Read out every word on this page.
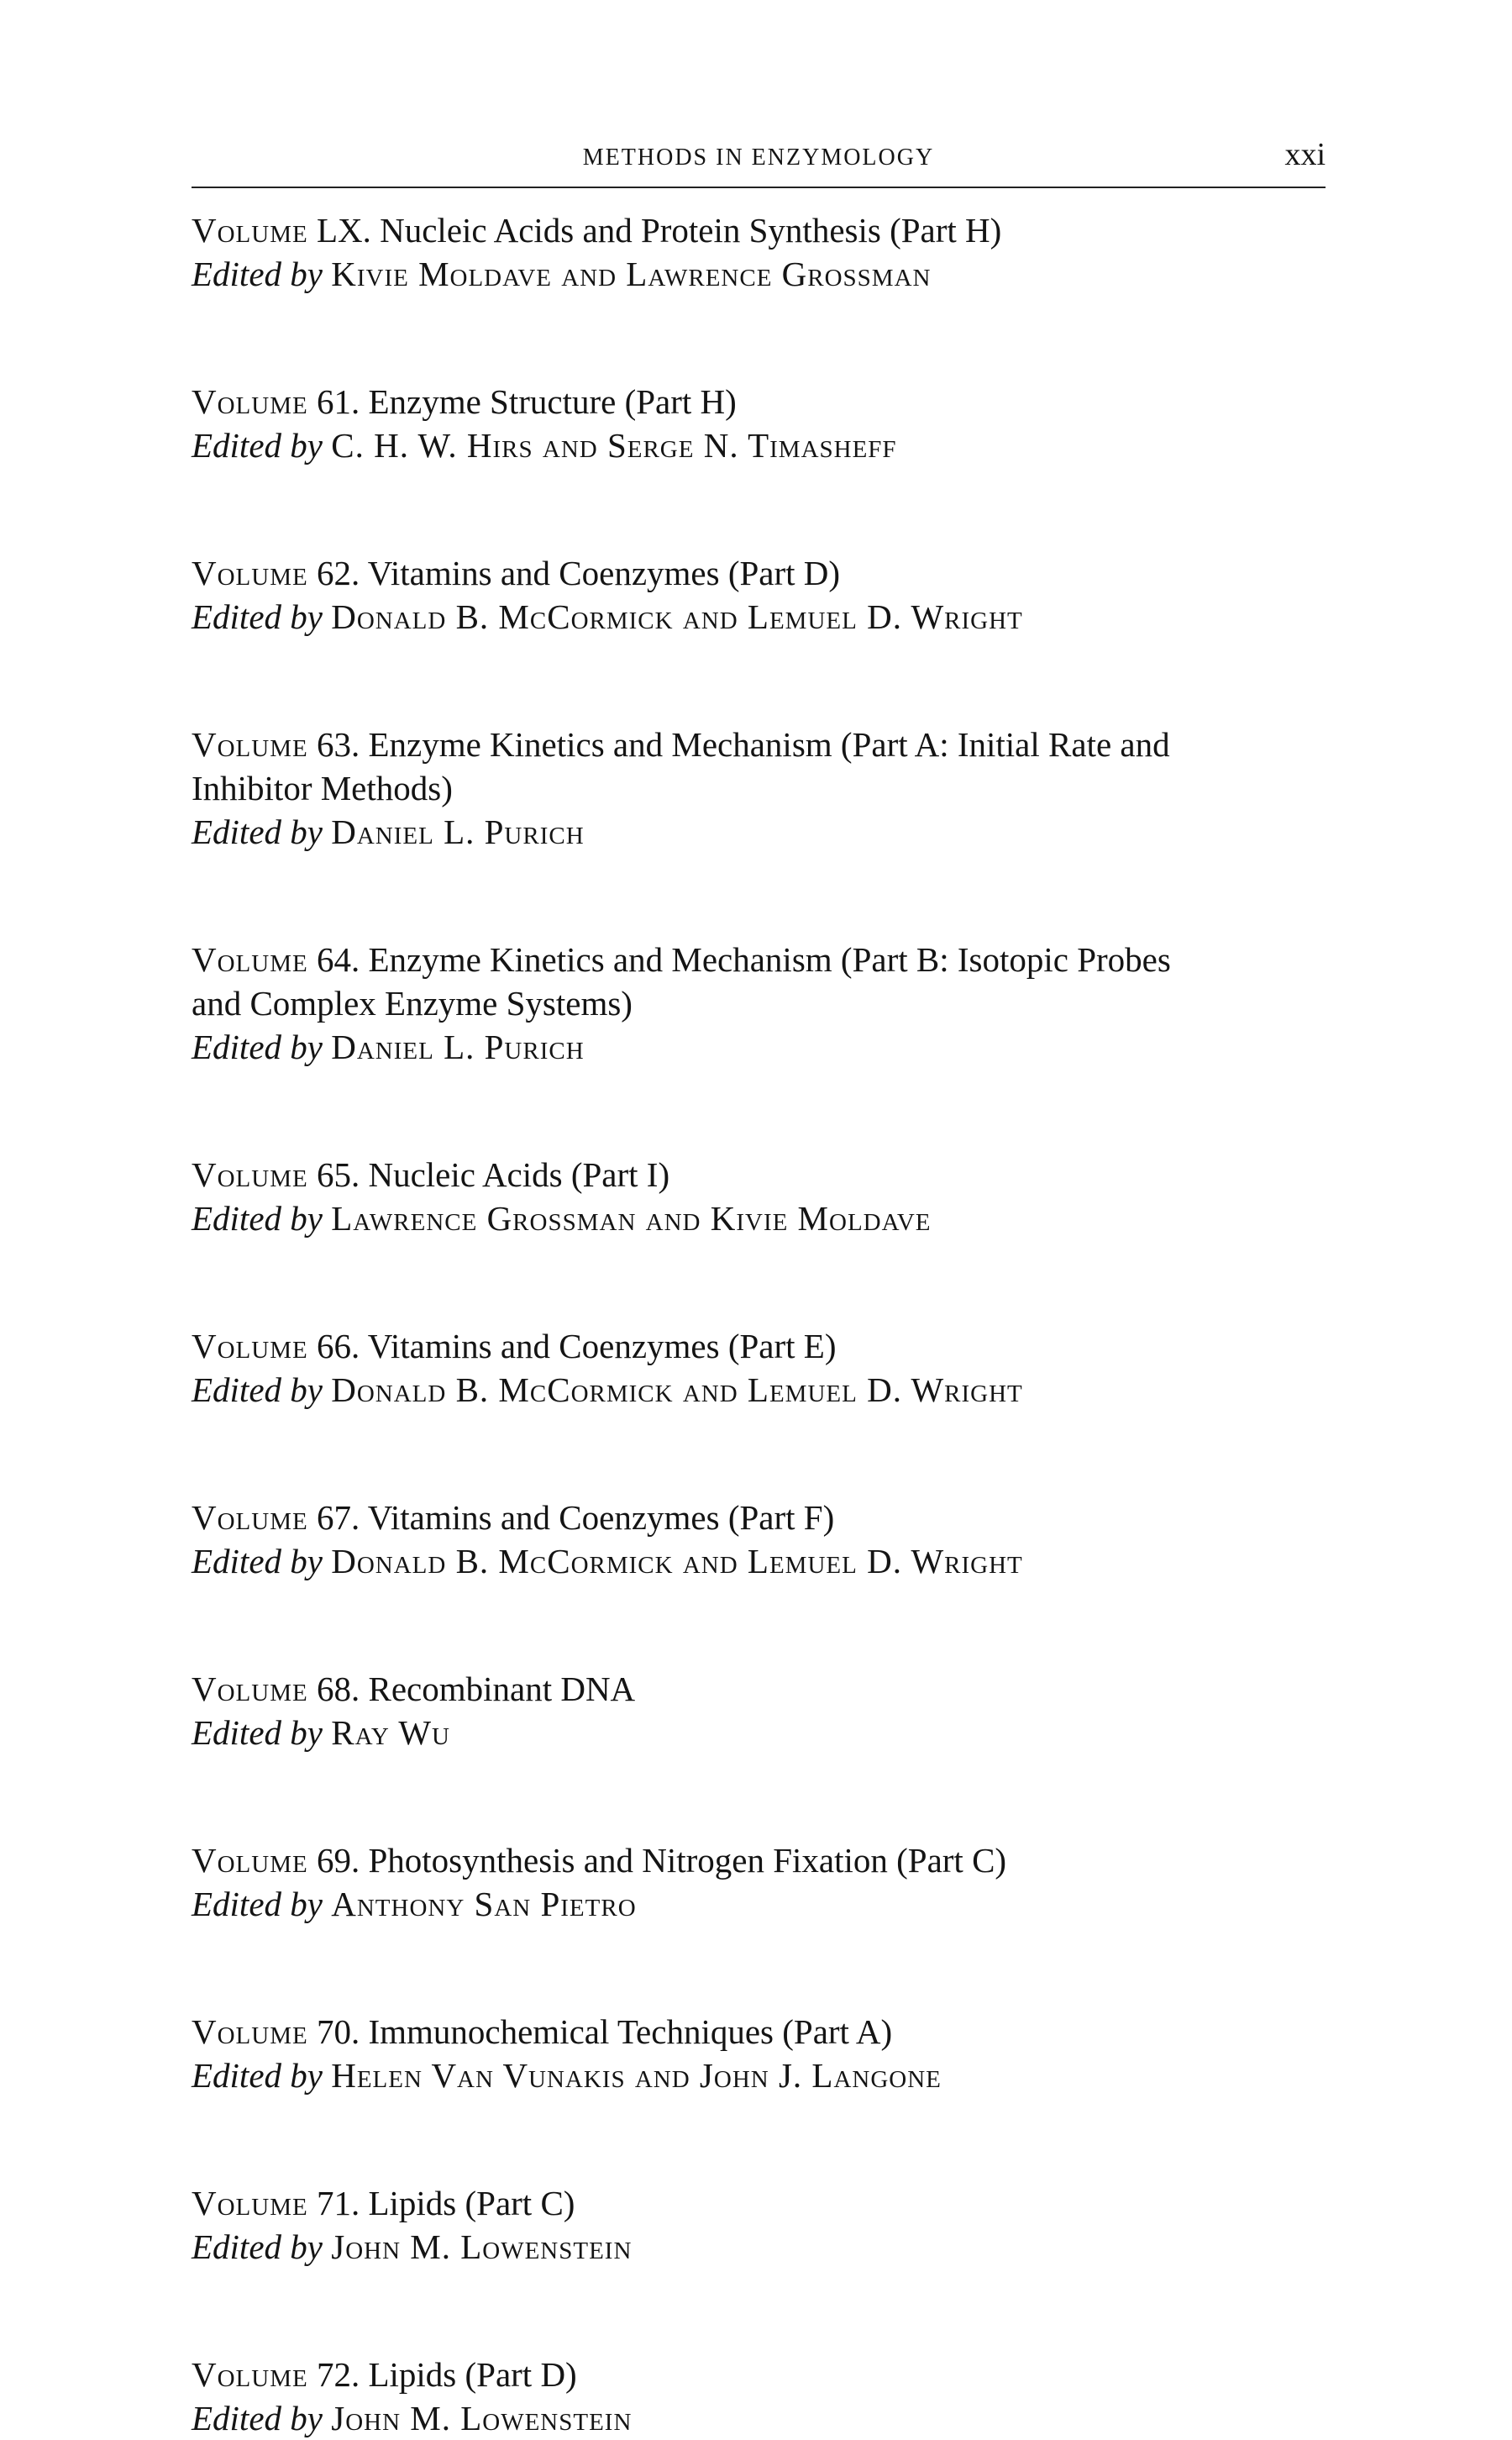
METHODS IN ENZYMOLOGY	xxi
Volume LX. Nucleic Acids and Protein Synthesis (Part H)
Edited by Kivie Moldave and Lawrence Grossman
Volume 61. Enzyme Structure (Part H)
Edited by C. H. W. Hirs and Serge N. Timasheff
Volume 62. Vitamins and Coenzymes (Part D)
Edited by Donald B. McCormick and Lemuel D. Wright
Volume 63. Enzyme Kinetics and Mechanism (Part A: Initial Rate and
Inhibitor Methods)
Edited by Daniel L. Purich
Volume 64. Enzyme Kinetics and Mechanism (Part B: Isotopic Probes
and Complex Enzyme Systems)
Edited by Daniel L. Purich
Volume 65. Nucleic Acids (Part I)
Edited by Lawrence Grossman and Kivie Moldave
Volume 66. Vitamins and Coenzymes (Part E)
Edited by Donald B. McCormick and Lemuel D. Wright
Volume 67. Vitamins and Coenzymes (Part F)
Edited by Donald B. McCormick and Lemuel D. Wright
Volume 68. Recombinant DNA
Edited by Ray Wu
Volume 69. Photosynthesis and Nitrogen Fixation (Part C)
Edited by Anthony San Pietro
Volume 70. Immunochemical Techniques (Part A)
Edited by Helen Van Vunakis and John J. Langone
Volume 71. Lipids (Part C)
Edited by John M. Lowenstein
Volume 72. Lipids (Part D)
Edited by John M. Lowenstein
